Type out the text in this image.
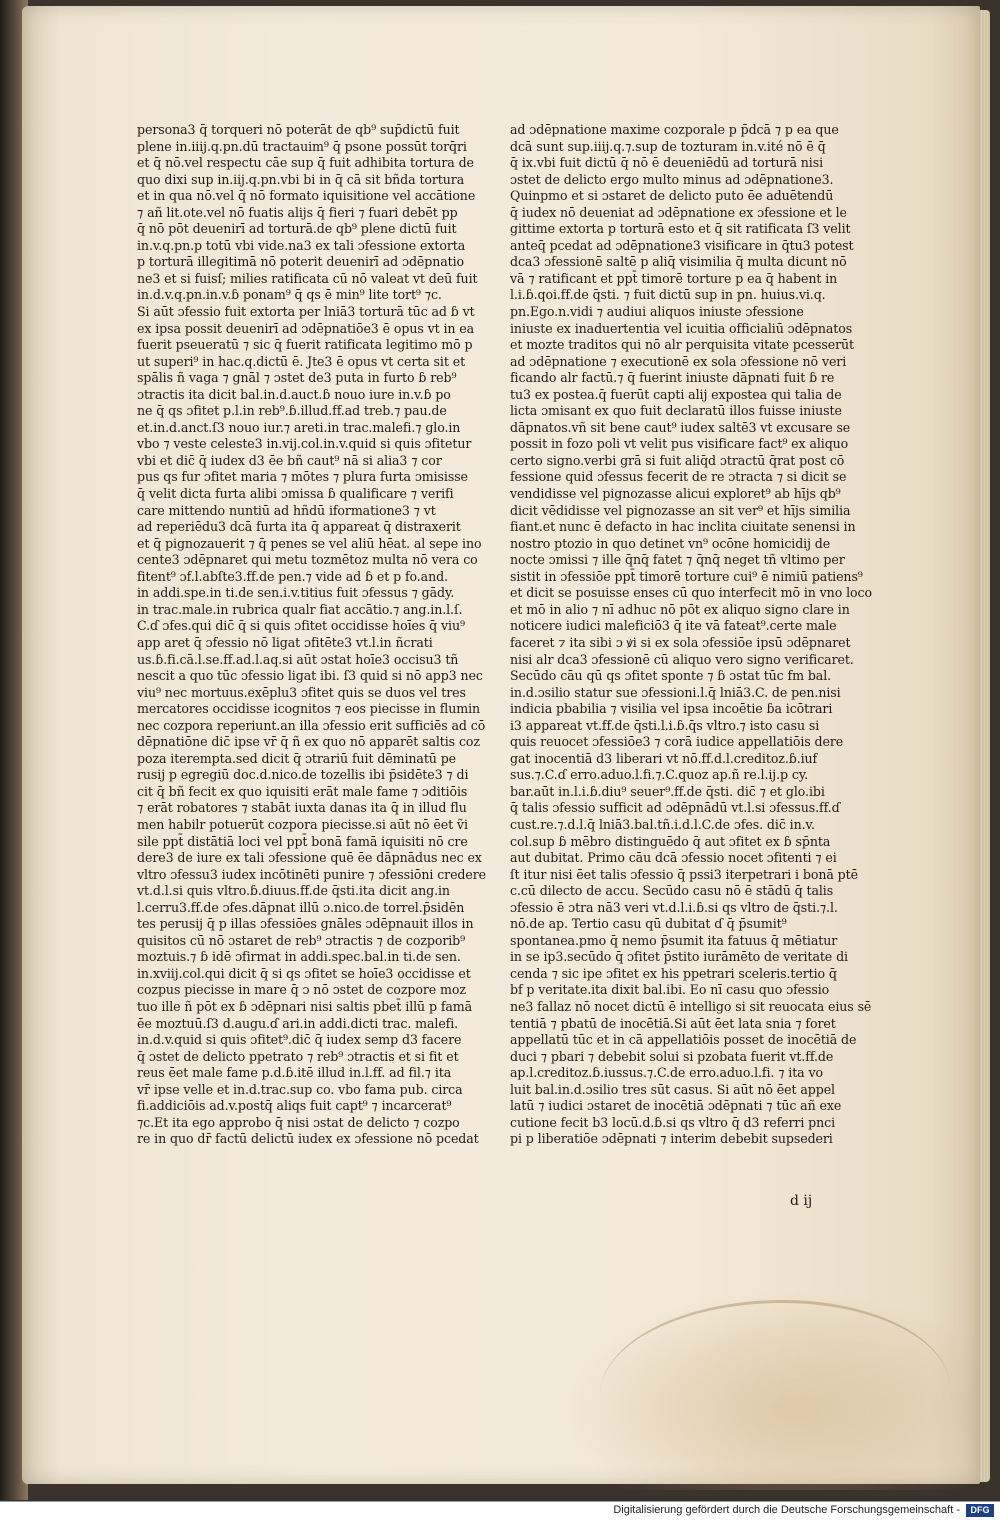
persona3 q̄ torqueri nō poterāt de qb⁹ sup̄dictū fuit
plene in.iiij.q.pn.dū tractauim⁹ q̄ psone possūt torq̄ri
et q̄ nō.vel respectu cāe sup q̄ fuit adhibita tortura de
quo dixi sup in.iij.q.pn.vbi bi in q̄ cā sit bñda tortura
et in qua nō.vel q̄ nō formato iquisitione vel accātione
⁊ añ lit.ote.vel nō fuatis alijs q̄ fieri ⁊ fuari debēt pp
q̄ nō pōt deuenirī ad torturā.de qb⁹ plene dictū fuit
in.v.q.pn.p totū vbi vide.na3 ex tali ɔfessione extorta
p torturā illegitimā nō poterit deuenirī ad ɔdēpnatio
ne3 et si fuisſ; milies ratificata cū nō valeat vt deū fuit
in.d.v.q.pn.in.v.ɓ ponam⁹ q̄ qs ē min⁹ lite tort⁹ ⁊c.
Si aūt ɔfessio fuit extorta per lniā3 torturā tūc ad ɓ vt
ex ipsa possit deuenirī ad ɔdēpnatiōe3 ē opus vt in ea
fuerit pseueratū ⁊ sic q̄ fuerit ratificata legitimo mō p
ut superi⁹ in hac.q.dictū ē. Jte3 ē opus vt certa sit et
spālis ñ vaga ⁊ gnāl ⁊ ɔstet de3 puta in furto ɓ reb⁹
ɔtractis ita dicit bal.in.d.auct.ɓ nouo iure in.v.ɓ po
ne q̄ qs ɔfitet p.l.in reb⁹.ɓ.illud.ff.ad treb.⁊ pau.de
et.in.d.anct.ſ3 nouo iur.⁊ areti.in trac.malefi.⁊ glo.in
vbo ⁊ veste celeste3 in.vij.col.in.v.quid si quis ɔfitetur
vbi et dic̄ q̄ iudex d3 ēe bñ caut⁹ nā si alia3 ⁊ cor
pus qs fur ɔfitet maria ⁊ mōtes ⁊ plura furta ɔmisisse
q̄ velit dicta furta alibi ɔmissa ɓ qualificare ⁊ verifi
care mittendo nuntiū ad hñdū iformatione3 ⁊ vt
ad reperiēdu3 dcā furta ita q̄ appareat q̄ distraxerit
et q̄ pignozauerit ⁊ q̄ penes se vel aliū hēat. al sepe ino
cente3 ɔdēpnaret qui metu tozmētoz multa nō vera co
fitent⁹ ɔf.l.abſte3.ff.de pen.⁊ vide ad ɓ et p fo.and.
in addi.spe.in ti.de sen.i.v.titius fuit ɔfessus ⁊ gādy.
in trac.male.in rubrica qualr fiat accātio.⁊ ang.in.l.ſ.
C.ɗ ɔfes.qui dic̄ q̄ si quis ɔfitet occidisse hoīes q̄ viu⁹
app aret q̄ ɔfessio nō ligat ɔfitēte3 vt.l.in ñcrati
us.ɓ.fi.cā.l.se.ff.ad.l.aq.si aūt ɔstat hoīe3 occisu3 tñ
nescit a quo tūc ɔfessio ligat ibi. ſ3 quid si nō app3 nec
viu⁹ nec mortuus.exēplu3 ɔfitet quis se duos vel tres
mercatores occidisse icognitos ⁊ eos piecisse in flumin
nec cozpora reperiunt.an illa ɔfessio erit sufficiēs ad cō
dēpnatiōne dic̄ ipse vr̄ q̄ ñ ex quo nō apparēt saltis coz
poza iterempta.sed dicit q̄ ɔtrariū fuit dēminatū pe
rusij p egregiū doc.d.nico.de tozellis ibi p̄sidēte3 ⁊ di
cit q̄ bñ fecit ex quo iquisiti erāt male fame ⁊ ɔditiōis
⁊ erāt robatores ⁊ stabāt iuxta danas ita q̄ in illud flu
men habilr potuerūt cozpora piecisse.si aūt nō ēet ṽi
sile ppt̄ distātiā loci vel ppt̄ bonā famā iquisiti nō cre
dere3 de iure ex tali ɔfessione quē ēe dāpnādus nec ex
vltro ɔfessu3 iudex incōtinēti punire ⁊ ɔfessiōni credere
vt.d.l.si quis vltro.ɓ.diuus.ff.de q̄sti.ita dicit ang.in
l.cerru3.ff.de ɔfes.dāpnat illū ɔ.nico.de torrel.p̄sidēn
tes perusij q̄ p illas ɔfessiōes gnāles ɔdēpnauit illos in
quisitos cū nō ɔstaret de reb⁹ ɔtractis ⁊ de cozporib⁹
moztuis.⁊ ɓ idē ɔfirmat in addi.spec.bal.in ti.de sen.
in.xviij.col.qui dicit q̄ si qs ɔfitet se hoīe3 occidisse et
cozpus piecisse in mare q̄ ɔ nō ɔstet de cozpore moz
tuo ille ñ pōt ex ɓ ɔdēpnari nisi saltis pbet̄ illū p famā
ēe moztuū.ſ3 d.augu.ɗ ari.in addi.dicti trac. malefi.
in.d.v.quid si quis ɔfitet⁹.dic̄ q̄ iudex semp d3 facere
q̄ ɔstet de delicto ppetrato ⁊ reb⁹ ɔtractis et si fit et
reus ēet male fame p.d.ɓ.itē illud in.l.ff. ad fil.⁊ ita
vr̄ ipse velle et in.d.trac.sup co. vbo fama pub. circa
fi.addiciōis ad.v.postq̄ aliqs fuit capt⁹ ⁊ incarcerat⁹
⁊c.Et ita ego approbo q̄ nisi ɔstat de delicto ⁊ cozpo
re in quo dr̄ factū delictū iudex ex ɔfessione nō pcedat
ad ɔdēpnatione maxime cozporale p p̄dcā ⁊ p ea que
dcā sunt sup.iiij.q.⁊.sup de tozturam in.v.ité nō ē q̄
q̄ ix.vbi fuit dictū q̄ nō ē deueniēdū ad torturā nisi
ɔstet de delicto ergo multo minus ad ɔdēpnatione3.
Quinpmo et si ɔstaret de delicto puto ēe aduētendū
q̄ iudex nō deueniat ad ɔdēpnatione ex ɔfessione et le
gittime extorta p torturā esto et q̄ sit ratificata ſ3 velit
anteq̄ pcedat ad ɔdēpnatione3 visificare in q̄tu3 potest
dca3 ɔfessionē saltē p aliq̄ visimilia q̄ multa dicunt nō
vā ⁊ ratificant et ppt̄ timorē torture p ea q̄ habent in
l.i.ɓ.qoi.ff.de q̄sti. ⁊ fuit dictū sup in pn. huius.vi.q.
pn.Ego.n.vidi ⁊ audiui aliquos iniuste ɔfessione
iniuste ex inaduertentia vel icuitia officialiū ɔdēpnatos
et mozte traditos qui nō alr perquisita vitate pcesserūt
ad ɔdēpnatione ⁊ executionē ex sola ɔfessione nō veri
ficando alr factū.⁊ q̄ fuerint iniuste dāpnati fuit ɓ re
tu3 ex postea.q̄ fuerūt capti alij expostea qui talia de
licta ɔmisant ex quo fuit declaratū illos fuisse iniuste
dāpnatos.vñ sit bene caut⁹ iudex saltē3 vt excusare se
possit in fozo poli vt velit pus visificare fact⁹ ex aliquo
certo signo.verbi grā si fuit aliq̄d ɔtractū q̄rat post cō
fessione quid ɔfessus fecerit de re ɔtracta ⁊ si dicit se
vendidisse vel pignozasse alicui exploret⁹ ab hījs qb⁹
dicit vēdidisse vel pignozasse an sit ver⁹ et hījs similia
fiant.et nunc ē defacto in hac inclita ciuitate senensi in
nostro ptozio in quo detinet vn⁹ ocōne homicidij de
nocte ɔmissi ⁊ ille q̄nq̄ fatet ⁊ q̄nq̄ neget tñ vltimo per
sistit in ɔfessiōe ppt̄ timorē torture cui⁹ ē nimiū patiens⁹
et dicit se posuisse enses cū quo interfecit mō in vno loco
et mō in alio ⁊ nī adhuc nō pōt ex aliquo signo clare in
noticere iudici maleficiō3 q̄ ite vā fateat⁹.certe male
faceret ⁊ ita sibi ɔ ꝟi si ex sola ɔfessiōe ipsū ɔdēpnaret
nisi alr dca3 ɔfessionē cū aliquo vero signo verificaret.
Secūdo cāu qū qs ɔfitet sponte ⁊ ɓ ɔstat tūc fm bal.
in.d.ɔsilio statur sue ɔfessioni.l.q̄ lniā3.C. de pen.nisi
indicia pbabilia ⁊ visilia vel ipsa incoētie ɓa icōtrari
i3 appareat vt.ff.de q̄sti.l.i.ɓ.q̄s vltro.⁊ isto casu si
quis reuocet ɔfessiōe3 ⁊ corā iudice appellatiōis dere
gat inocentiā d3 liberari vt nō.ff.d.l.creditoz.ɓ.iuf
sus.⁊.C.ɗ erro.aduo.l.fi.⁊.C.quoz ap.ñ re.l.ij.p cy.
bar.aūt in.l.i.ɓ.diu⁹ seuer⁹.ff.de q̄sti. dic̄ ⁊ et glo.ibi
q̄ talis ɔfessio sufficit ad ɔdēpnādū vt.l.si ɔfessus.ff.ɗ
cust.re.⁊.d.l.q̄ lniā3.bal.tñ.i.d.l.C.de ɔfes. dic̄ in.v.
col.sup ɓ mēbro distinguēdo q̄ aut ɔfitet ex ɓ sp̄nta
aut dubitat. Primo cāu dcā ɔfessio nocet ɔfitenti ⁊ ei
ſt itur nisi ēet talis ɔfessio q̄ pssi3 iterpetrari i bonā ptē
c.cū dilecto de accu. Secūdo casu nō ē stādū q̄ talis
ɔfessio ē ɔtra nā3 veri vt.d.l.i.ɓ.si qs vltro de q̄sti.⁊.l.
nō.de ap. Tertio casu qū dubitat ɗ q̄ p̄sumit⁹
spontanea.pmo q̄ nemo p̄sumit ita fatuus q̄ mētiatur
in se ip3.secūdo q̄ ɔfitet p̄stito iurāmēto de veritate di
cenda ⁊ sic ipe ɔfitet ex his ppetrari sceleris.tertio q̄
bf p veritate.ita dixit bal.ibi. Eo nī casu quo ɔfessio
ne3 fallaz nō nocet dictū ē intelligo si sit reuocata eius sē
tentiā ⁊ pbatū de inocētiā.Si aūt ēet lata snia ⁊ foret
appellatū tūc et in cā appellatiōis posset de inocētiā de
duci ⁊ pbari ⁊ debebit solui si pzobata fuerit vt.ff.de
ap.l.creditoz.ɓ.iussus.⁊.C.de erro.aduo.l.fi. ⁊ ita vo
luit bal.in.d.ɔsilio tres sūt casus. Si aūt nō ēet appel
latū ⁊ iudici ɔstaret de inocētiā ɔdēpnati ⁊ tūc añ exe
cutione fecit b3 locū.d.ɓ.si qs vltro q̄ d3 referri pnci
pi p liberatiōe ɔdēpnati ⁊ interim debebit supsederi
d ij
Digitalisierung gefördert durch die Deutsche Forschungsgemeinschaft -	DFG
